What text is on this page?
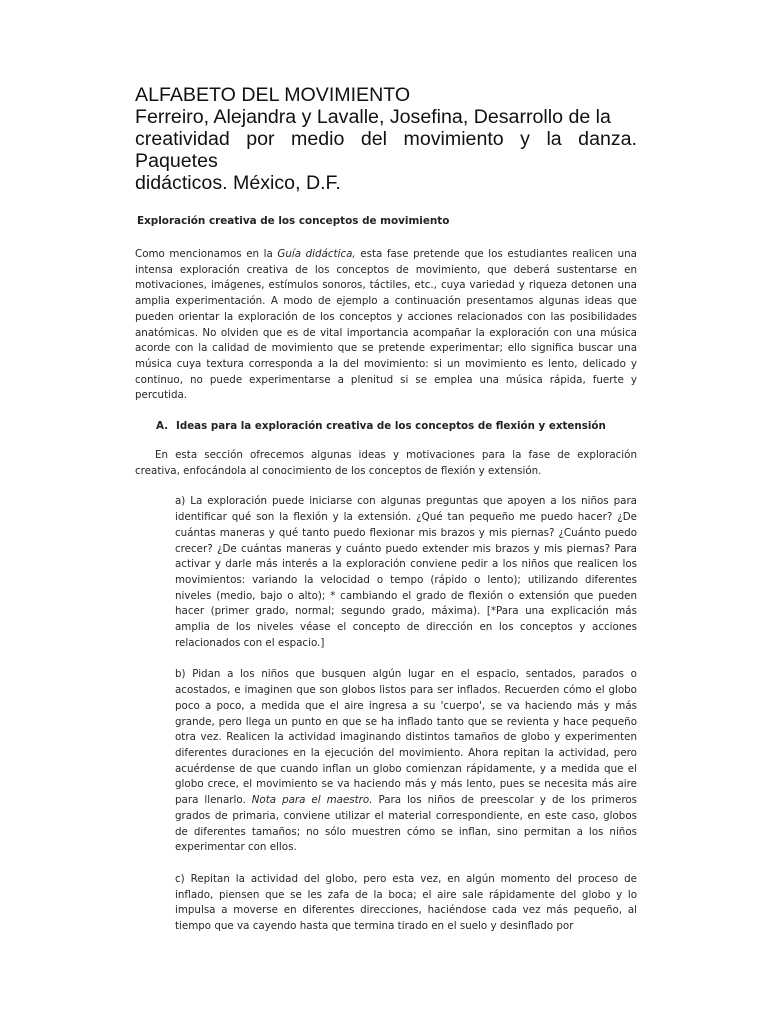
ALFABETO DEL MOVIMIENTO
Ferreiro, Alejandra y Lavalle, Josefina, Desarrollo de la
creatividad por medio del movimiento y la danza. Paquetes
didácticos. México, D.F.
Exploración creativa de los conceptos de movimiento
Como mencionamos en la Guía didáctica, esta fase pretende que los estudiantes realicen una intensa exploración creativa de los conceptos de movimiento, que deberá sustentarse en motivaciones, imágenes, estímulos sonoros, táctiles, etc., cuya variedad y riqueza detonen una amplia experimentación. A modo de ejemplo a continuación presentamos algunas ideas que pueden orientar la exploración de los conceptos y acciones relacionados con las posibilidades anatómicas. No olviden que es de vital importancia acompañar la exploración con una música acorde con la calidad de movimiento que se pretende experimentar; ello significa buscar una música cuya textura corresponda a la del movimiento: si un movimiento es lento, delicado y continuo, no puede experimentarse a plenitud si se emplea una música rápida, fuerte y percutida.
A. Ideas para la exploración creativa de los conceptos de flexión y extensión
En esta sección ofrecemos algunas ideas y motivaciones para la fase de exploración creativa, enfocándola al conocimiento de los conceptos de flexión y extensión.
a) La exploración puede iniciarse con algunas preguntas que apoyen a los niños para identificar qué son la flexión y la extensión. ¿Qué tan pequeño me puedo hacer? ¿De cuántas maneras y qué tanto puedo flexionar mis brazos y mis piernas? ¿Cuánto puedo crecer? ¿De cuántas maneras y cuánto puedo extender mis brazos y mis piernas? Para activar y darle más interés a la exploración conviene pedir a los niños que realicen los movimientos: variando la velocidad o tempo (rápido o lento); utilizando diferentes niveles (medio, bajo o alto); * cambiando el grado de flexión o extensión que pueden hacer (primer grado, normal; segundo grado, máxima). [*Para una explicación más amplia de los niveles véase el concepto de dirección en los conceptos y acciones relacionados con el espacio.]
b) Pidan a los niños que busquen algún lugar en el espacio, sentados, parados o acostados, e imaginen que son globos listos para ser inflados. Recuerden cómo el globo poco a poco, a medida que el aire ingresa a su 'cuerpo', se va haciendo más y más grande, pero llega un punto en que se ha inflado tanto que se revienta y hace pequeño otra vez. Realicen la actividad imaginando distintos tamaños de globo y experimenten diferentes duraciones en la ejecución del movimiento. Ahora repitan la actividad, pero acuérdense de que cuando inflan un globo comienzan rápidamente, y a medida que el globo crece, el movimiento se va haciendo más y más lento, pues se necesita más aire para llenarlo. Nota para el maestro. Para los niños de preescolar y de los primeros grados de primaria, conviene utilizar el material correspondiente, en este caso, globos de diferentes tamaños; no sólo muestren cómo se inflan, sino permitan a los niños experimentar con ellos.
c) Repitan la actividad del globo, pero esta vez, en algún momento del proceso de inflado, piensen que se les zafa de la boca; el aire sale rápidamente del globo y lo impulsa a moverse en diferentes direcciones, haciéndose cada vez más pequeño, al tiempo que va cayendo hasta que termina tirado en el suelo y desinflado por
